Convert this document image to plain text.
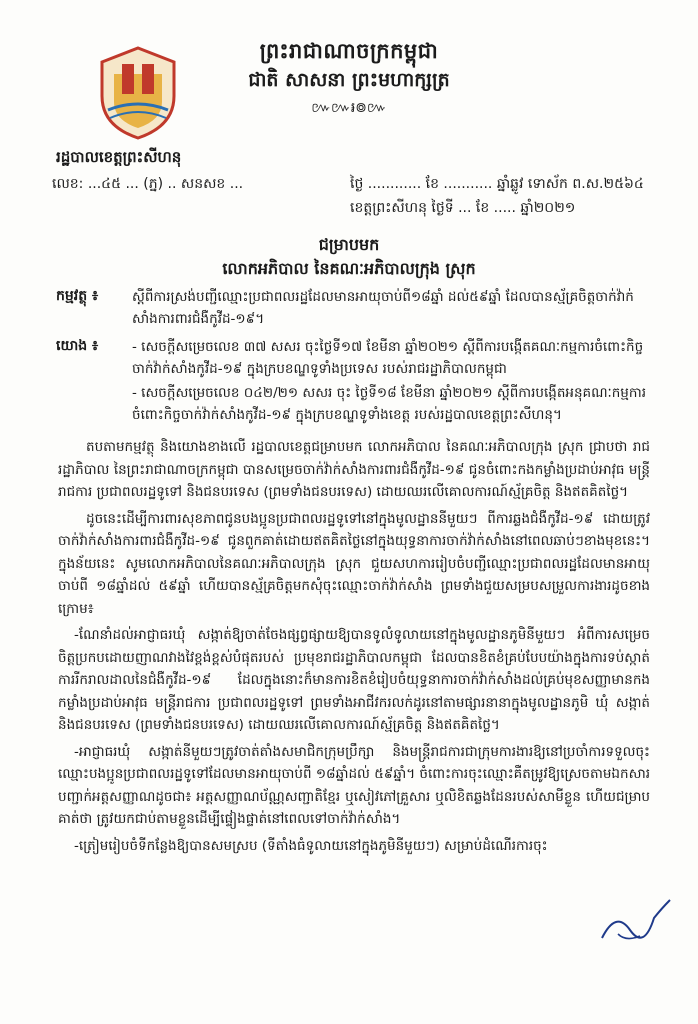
ព្រះរាជាណាចក្រកម្ពុជា
ជាតិ សាសនា ព្រះមហាក្សត្រ
៚៚៛៙៚
រដ្ឋបាលខេត្តព្រះសីហនុ
លេខ: ...៤៥ ... (ភ្ន) .. សនសខ ...	ថ្ងៃ ............ ខែ ........... ឆ្នាំឆ្លូវ ទោស័ក ព.ស.២៥៦៤
ខេត្តព្រះសីហនុ ថ្ងៃទី ... ខែ ..... ឆ្នាំ២០២១
ជម្រាបមក
លោកអភិបាល នៃគណៈអភិបាលក្រុង ស្រុក
កម្មវត្ថុ ៖	ស្តីពីការស្រង់បញ្ជីឈ្មោះប្រជាពលរដ្ឋដែលមានអាយុចាប់ពី១៨ឆ្នាំ ដល់៥៩ឆ្នាំ ដែលបានស្ម័គ្រចិត្តចាក់វ៉ាក់សាំងការពារជំងឺកូវីដ-១៩។
យោង ៖	- សេចក្តីសម្រេចលេខ ៣៧ សសរ ចុះថ្ងៃទី១៧ ខែមីនា ឆ្នាំ២០២១ ស្តីពីការបង្កើតគណៈកម្មការចំពោះកិច្ចចាក់វ៉ាក់សាំងកូវីដ-១៩ ក្នុងក្របខណ្ឌទូទាំងប្រទេស របស់រាជរដ្ឋាភិបាលកម្ពុជា

- សេចក្តីសម្រេចលេខ ០៤២/២១ សសរ ចុះ ថ្ងៃទី១៨ ខែមីនា ឆ្នាំ២០២១ ស្តីពីការបង្កើតអនុគណៈកម្មការចំពោះកិច្ចចាក់វ៉ាក់សាំងកូវីដ-១៩ ក្នុងក្របខណ្ឌទូទាំងខេត្ត របស់រដ្ឋបាលខេត្តព្រះសីហនុ។

តបតាមកម្មវត្ថុ និងយោងខាងលើ រដ្ឋបាលខេត្តជម្រាបមក លោកអភិបាល នៃគណៈអភិបាលក្រុង ស្រុក ជ្រាបថា រាជរដ្ឋាភិបាល នៃព្រះរាជាណាចក្រកម្ពុជា បានសម្រេចចាក់វ៉ាក់សាំងការពារជំងឺកូវីដ-១៩ ជូនចំពោះកងកម្លាំងប្រដាប់អាវុធ មន្ត្រីរាជការ ប្រជាពលរដ្ឋទូទៅ និងជនបរទេស (ព្រមទាំងជនបរទេស) ដោយឈរលើគោលការណ៍ស្ម័គ្រចិត្ត និងឥតគិតថ្លៃ។

ដូចនេះដើម្បីការពារសុខភាពជូនបងប្អូនប្រជាពលរដ្ឋទូទៅនៅក្នុងមូលដ្ឋាននីមួយៗ ពីការឆ្លងជំងឺកូវីដ-១៩ ដោយត្រូវចាក់វ៉ាក់សាំងការពារជំងឺកូវីដ-១៩ ជូនពួកគាត់ដោយឥតគិតថ្លៃនៅក្នុងយុទ្ធនាការចាក់វ៉ាក់សាំងនៅពេលឆាប់ៗខាងមុខនេះ។ ក្នុងន័យនេះ សូមលោកអភិបាលនៃគណៈអភិបាលក្រុង ស្រុក ជួយសហការរៀបចំបញ្ជីឈ្មោះប្រជាពលរដ្ឋដែលមានអាយុចាប់ពី ១៨ឆ្នាំដល់ ៥៩ឆ្នាំ ហើយបានស្ម័គ្រចិត្តមកសុំចុះឈ្មោះចាក់វ៉ាក់សាំង ព្រមទាំងជួយសម្របសម្រួលការងារដូចខាងក្រោម៖

-ណែនាំដល់អាជ្ញាធរឃុំ សង្កាត់ឱ្យចាត់ចែងផ្សព្វផ្សាយឱ្យបានទូលំទូលាយនៅក្នុងមូលដ្ឋានភូមិនីមួយៗ អំពីការសម្រេចចិត្តប្រកបដោយញាណវាងវៃខ្ពង់ខ្ពស់បំផុតរបស់ ប្រមុខរាជរដ្ឋាភិបាលកម្ពុជា ដែលបានខិតខំគ្រប់បែបយ៉ាងក្នុងការទប់ស្កាត់ការរីករាលដាលនៃជំងឺកូវីដ-១៩ ដែលក្នុងនោះក៏មានការខិតខំរៀបចំយុទ្ធនាការចាក់វ៉ាក់សាំងដល់គ្រប់មុខសញ្ញាមានកងកម្លាំងប្រដាប់អាវុធ មន្ត្រីរាជការ ប្រជាពលរដ្ឋទូទៅ ព្រមទាំងអាជីវករលក់ដូរនៅតាមផ្សារនានាក្នុងមូលដ្ឋានភូមិ ឃុំ សង្កាត់ និងជនបរទេស (ព្រមទាំងជនបរទេស) ដោយឈរលើគោលការណ៍ស្ម័គ្រចិត្ត និងឥតគិតថ្លៃ។

-អាជ្ញាធរឃុំ សង្កាត់នីមួយៗត្រូវចាត់តាំងសមាជិកក្រុមប្រឹក្សា និងមន្ត្រីរាជការជាក្រុមការងារឱ្យនៅប្រចាំការទទួលចុះឈ្មោះបងប្អូនប្រជាពលរដ្ឋទូទៅដែលមានអាយុចាប់ពី ១៨ឆ្នាំដល់ ៥៩ឆ្នាំ។ ចំពោះការចុះឈ្មោះគឺតម្រូវឱ្យស្រេចតាមឯកសារបញ្ជាក់អត្តសញ្ញាណដូចជា៖ អត្តសញ្ញាណប័ណ្ណសញ្ជាតិខ្មែរ ឬសៀវភៅគ្រួសារ ឬលិខិតឆ្លងដែនរបស់សាមីខ្លួន ហើយជម្រាបគាត់ថា ត្រូវយកជាប់តាមខ្លួនដើម្បីផ្ទៀងផ្ទាត់នៅពេលទៅចាក់វ៉ាក់សាំង។

-ត្រៀមរៀបចំទីកន្លែងឱ្យបានសមស្រប (ទីតាំងធំទូលាយនៅក្នុងភូមិនីមួយៗ) សម្រាប់ដំណើរការចុះ
